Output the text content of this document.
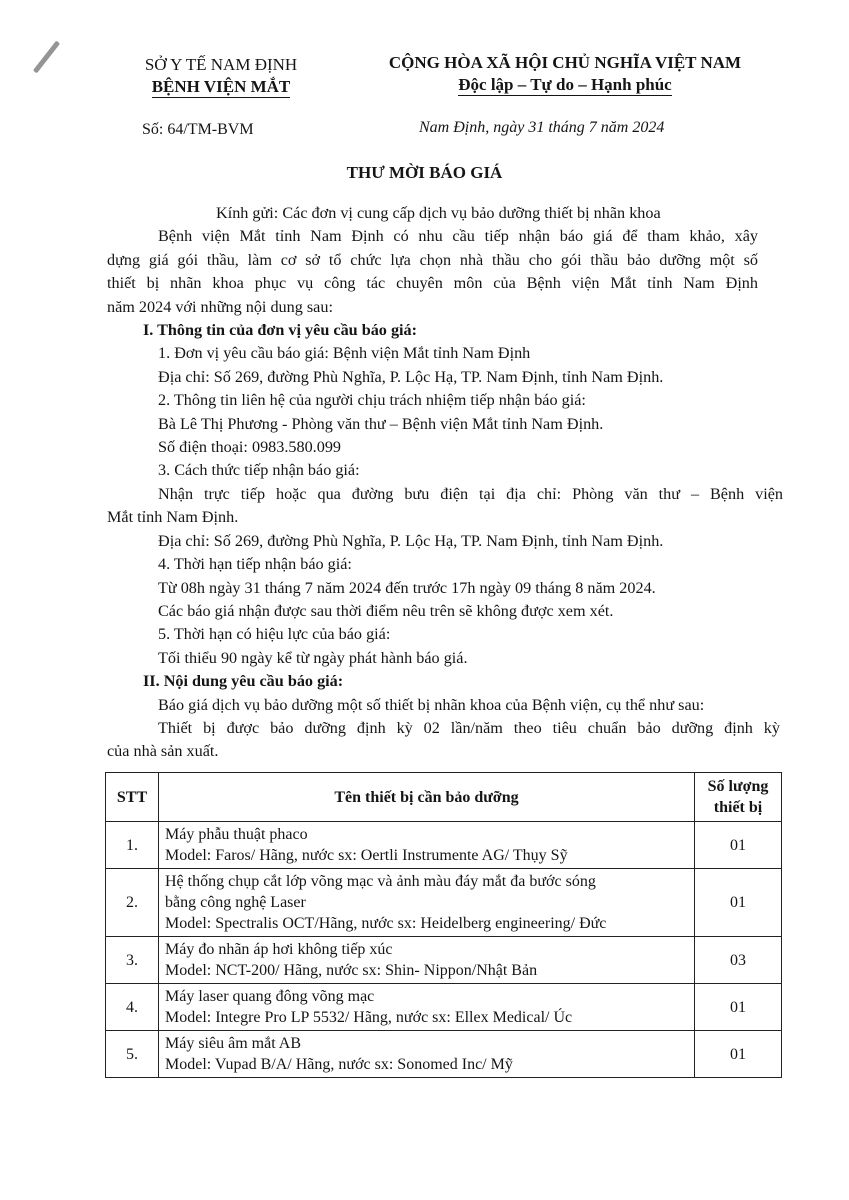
SỞ Y TẾ NAM ĐỊNH
BỆNH VIỆN MẮT
CỘNG HÒA XÃ HỘI CHỦ NGHĨA VIỆT NAM
Độc lập – Tự do – Hạnh phúc
Số: 64/TM-BVM	Nam Định, ngày 31 tháng 7 năm 2024
THƯ MỜI BÁO GIÁ

Kính gửi: Các đơn vị cung cấp dịch vụ bảo dưỡng thiết bị nhãn khoa

Bệnh viện Mắt tỉnh Nam Định có nhu cầu tiếp nhận báo giá để tham khảo, xây

dựng giá gói thầu, làm cơ sở tổ chức lựa chọn nhà thầu cho gói thầu bảo dưỡng một số

thiết bị nhãn khoa phục vụ công tác chuyên môn của Bệnh viện Mắt tỉnh Nam Định

năm 2024 với những nội dung sau:

I. Thông tin của đơn vị yêu cầu báo giá:

1. Đơn vị yêu cầu báo giá: Bệnh viện Mắt tỉnh Nam Định

Địa chỉ: Số 269, đường Phù Nghĩa, P. Lộc Hạ, TP. Nam Định, tỉnh Nam Định.

2. Thông tin liên hệ của người chịu trách nhiệm tiếp nhận báo giá:

Bà Lê Thị Phương - Phòng văn thư – Bệnh viện Mắt tỉnh Nam Định.

Số điện thoại: 0983.580.099

3. Cách thức tiếp nhận báo giá:

Nhận trực tiếp hoặc qua đường bưu điện tại địa chỉ: Phòng văn thư – Bệnh viện

Mắt tỉnh Nam Định.

Địa chỉ: Số 269, đường Phù Nghĩa, P. Lộc Hạ, TP. Nam Định, tỉnh Nam Định.

4. Thời hạn tiếp nhận báo giá:

Từ 08h ngày 31 tháng 7 năm 2024 đến trước 17h ngày 09 tháng 8 năm 2024.

Các báo giá nhận được sau thời điểm nêu trên sẽ không được xem xét.

5. Thời hạn có hiệu lực của báo giá:

Tối thiểu 90 ngày kể từ ngày phát hành báo giá.

II. Nội dung yêu cầu báo giá:

Báo giá dịch vụ bảo dưỡng một số thiết bị nhãn khoa của Bệnh viện, cụ thể như sau:

Thiết bị được bảo dưỡng định kỳ 02 lần/năm theo tiêu chuẩn bảo dưỡng định kỳ

của nhà sản xuất.

STT	Tên thiết bị cần bảo dưỡng	Số lượng
thiết bị

1.	Máy phẫu thuật phaco
Model: Faros/ Hãng, nước sx: Oertli Instrumente AG/ Thụy Sỹ	01
2.	Hệ thống chụp cắt lớp võng mạc và ảnh màu đáy mắt đa bước sóng
bằng công nghệ Laser
Model: Spectralis OCT/Hãng, nước sx: Heidelberg engineering/ Đức	01
3.	Máy đo nhãn áp hơi không tiếp xúc
Model: NCT-200/ Hãng, nước sx: Shin- Nippon/Nhật Bản	03
4.	Máy laser quang đông võng mạc
Model: Integre Pro LP 5532/ Hãng, nước sx: Ellex Medical/ Úc	01
5.	Máy siêu âm mắt AB
Model: Vupad B/A/ Hãng, nước sx: Sonomed Inc/ Mỹ	01
